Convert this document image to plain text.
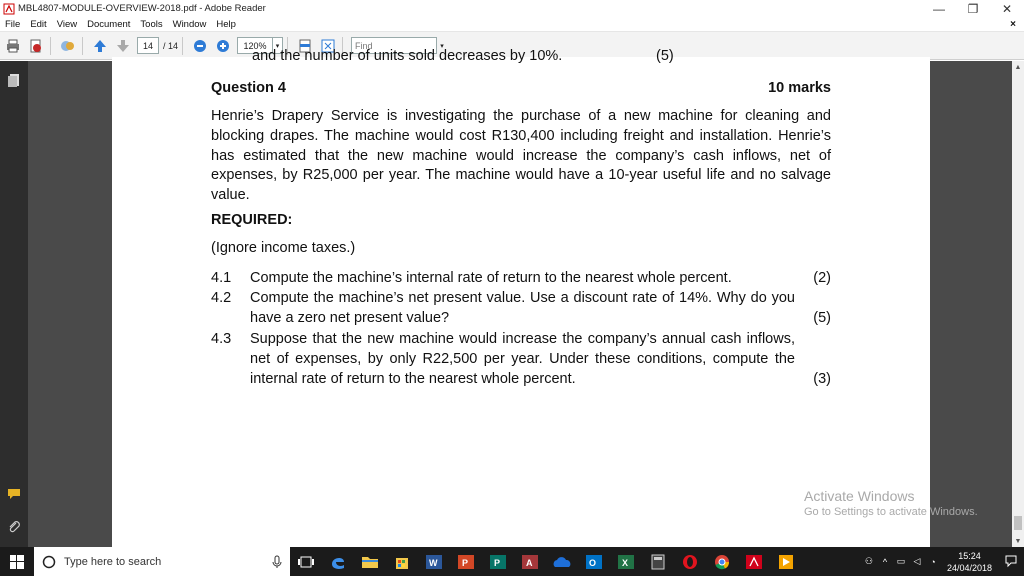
MBL4807-MODULE-OVERVIEW-2018.pdf - Adobe Reader	—	❐	✕
File	Edit	View	Document	Tools	Window	Help	×
14	/ 14	120%	▾	Find	▾
and the number of units sold decreases by 10%.	(5)
Question 4	10 marks
Henrie’s Drapery Service is investigating the purchase of a new machine for cleaning and blocking drapes. The machine would cost R130,400 including freight and installation. Henrie’s has estimated that the new machine would increase the company’s cash inflows, net of expenses, by R25,000 per year. The machine would have a 10-year useful life and no salvage value.
REQUIRED:
(Ignore income taxes.)
4.1 Compute the machine’s internal rate of return to the nearest whole percent.	(2)
4.2 Compute the machine’s net present value. Use a discount rate of 14%. Why do you have a zero net present value?	(5)
4.3 Suppose that the new machine would increase the company’s annual cash inflows, net of expenses, by only R22,500 per year. Under these conditions, compute the internal rate of return to the nearest whole percent.	(3)
Activate Windows
Go to Settings to activate Windows.
▲
▼
Type here to search	W	P	P	A	O	X	⚇	^	▭ ◁	◔
15:24
24/04/2018
